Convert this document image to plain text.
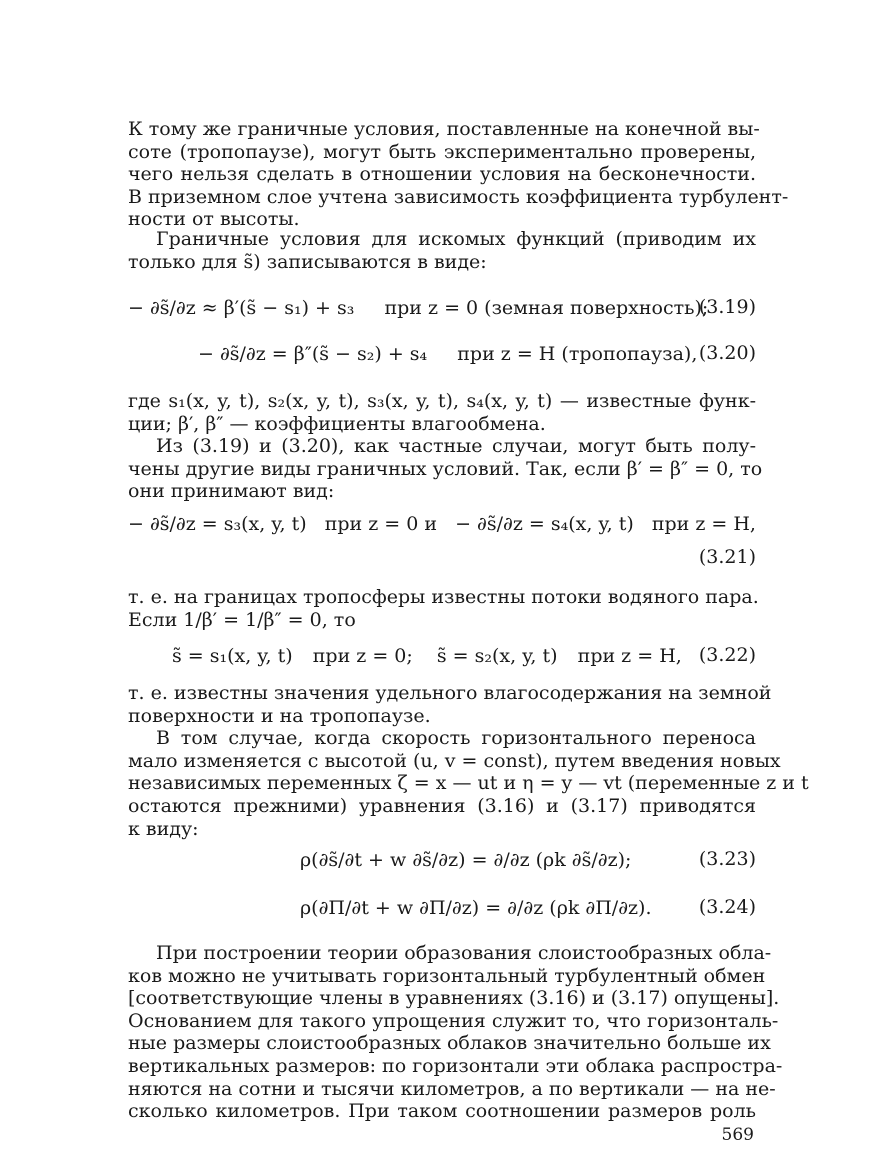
К тому же граничные условия, поставленные на конечной вы-
соте (тропопаузе), могут быть экспериментально проверены,
чего нельзя сделать в отношении условия на бесконечности.
В приземном слое учтена зависимость коэффициента турбулент-
ности от высоты.
Граничные условия для искомых функций (приводим их
только для s̃) записываются в виде:
− ∂s̃/∂z ≈ β′(s̃ − s₁) + s₃ при z = 0 (земная поверхность);
(3.19)
− ∂s̃/∂z = β″(s̃ − s₂) + s₄ при z = H (тропопауза), (3.20)
где s₁(x, y, t), s₂(x, y, t), s₃(x, y, t), s₄(x, y, t) — известные функ-
ции; β′, β″ — коэффициенты влагообмена.
Из (3.19) и (3.20), как частные случаи, могут быть полу-
чены другие виды граничных условий. Так, если β′ = β″ = 0, то
они принимают вид:
− ∂s̃/∂z = s₃(x, y, t) при z = 0 и − ∂s̃/∂z = s₄(x, y, t) при z = H,
(3.21)
т. е. на границах тропосферы известны потоки водяного пара.
Если 1/β′ = 1/β″ = 0, то
s̃ = s₁(x, y, t) при z = 0; s̃ = s₂(x, y, t) при z = H, (3.22)
т. е. известны значения удельного влагосодержания на земной
поверхности и на тропопаузе.
В том случае, когда скорость горизонтального переноса
мало изменяется с высотой (u, v = const), путем введения новых
независимых переменных ζ = x — ut и η = y — vt (переменные z и t
остаются прежними) уравнения (3.16) и (3.17) приводятся
к виду:
ρ(∂s̃/∂t + w ∂s̃/∂z) = ∂/∂z (ρk ∂s̃/∂z);	(3.23)
ρ(∂Π/∂t + w ∂Π/∂z) = ∂/∂z (ρk ∂Π/∂z). (3.24)
При построении теории образования слоистообразных обла-
ков можно не учитывать горизонтальный турбулентный обмен
[соответствующие члены в уравнениях (3.16) и (3.17) опущены].
Основанием для такого упрощения служит то, что горизонталь-
ные размеры слоистообразных облаков значительно больше их
вертикальных размеров: по горизонтали эти облака распростра-
няются на сотни и тысячи километров, а по вертикали — на не-
сколько километров. При таком соотношении размеров роль
569
